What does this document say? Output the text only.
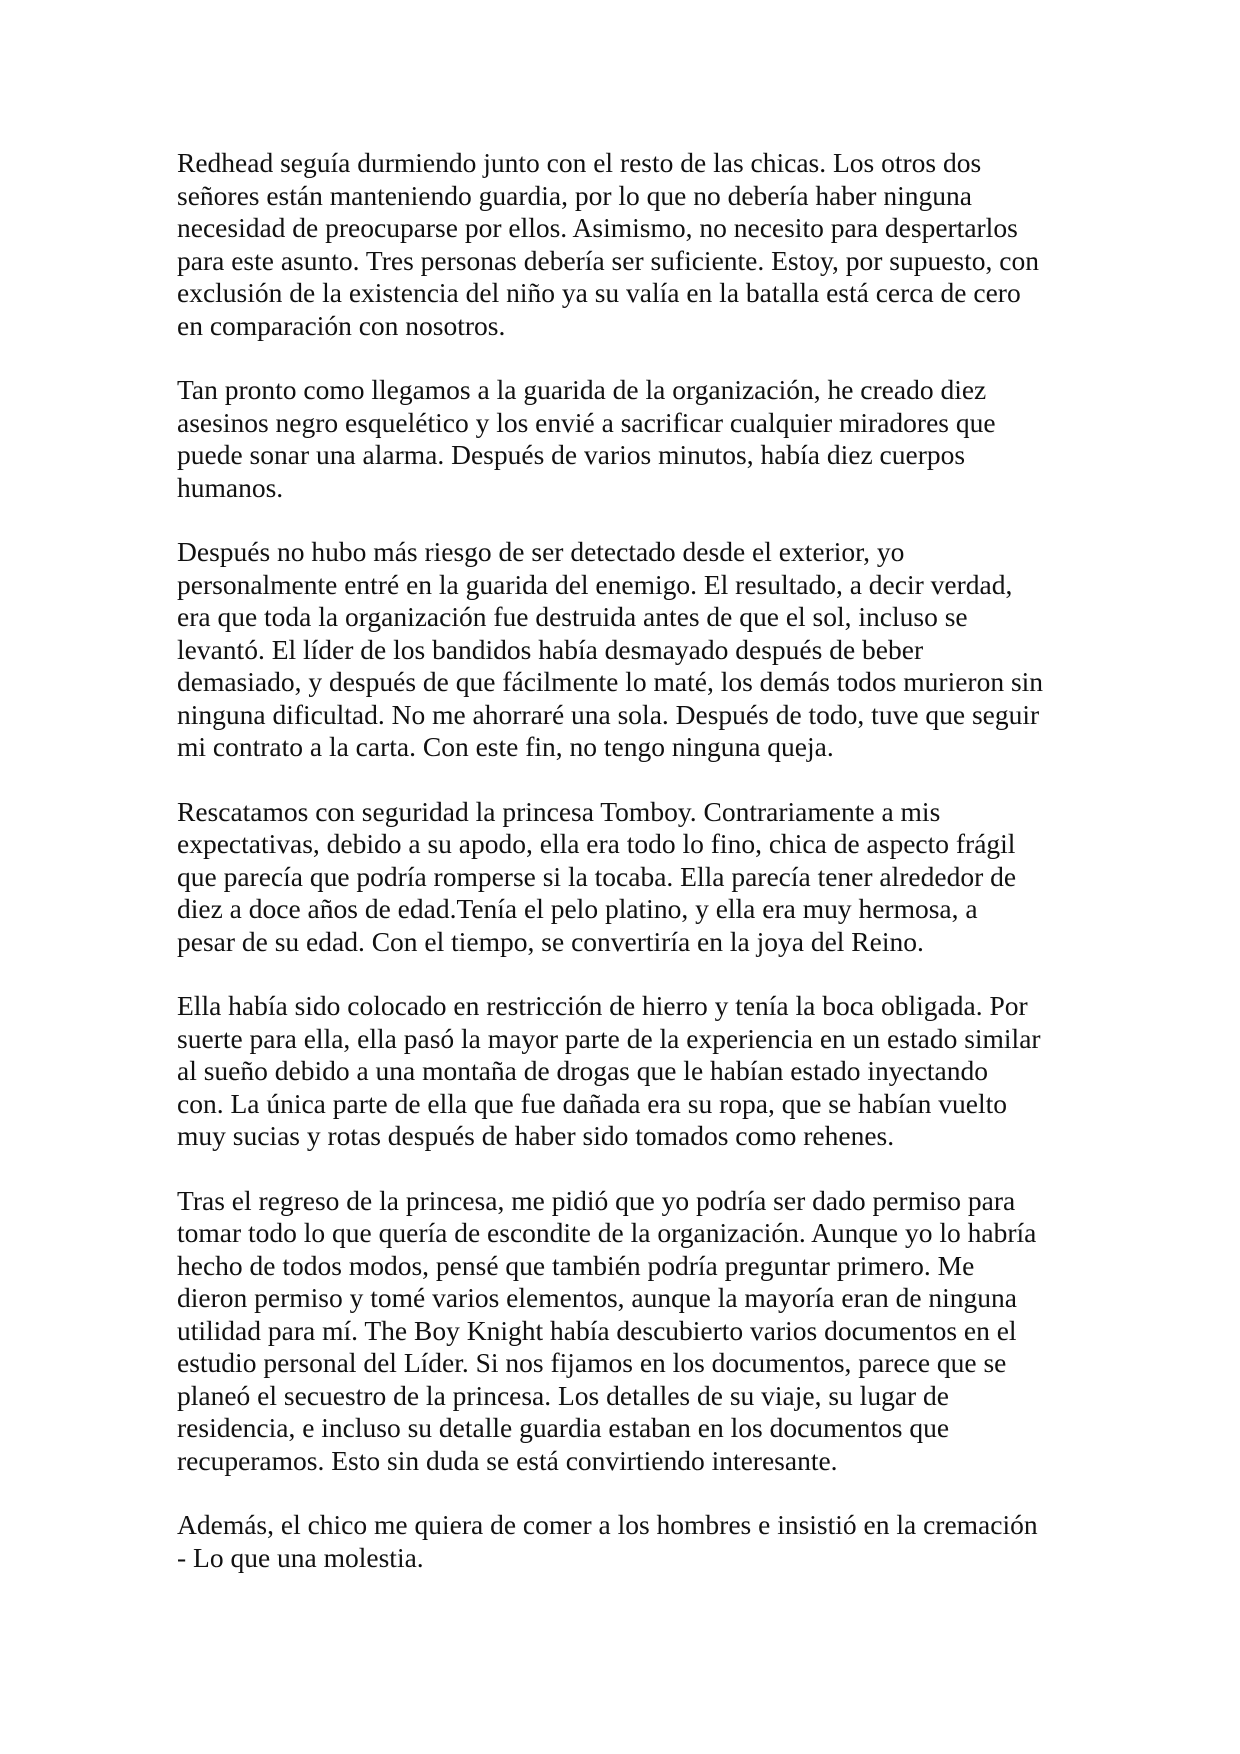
Redhead seguía durmiendo junto con el resto de las chicas. Los otros dos
señores están manteniendo guardia, por lo que no debería haber ninguna
necesidad de preocuparse por ellos. Asimismo, no necesito para despertarlos
para este asunto. Tres personas debería ser suficiente. Estoy, por supuesto, con
exclusión de la existencia del niño ya su valía en la batalla está cerca de cero
en comparación con nosotros.

Tan pronto como llegamos a la guarida de la organización, he creado diez
asesinos negro esquelético y los envié a sacrificar cualquier miradores que
puede sonar una alarma. Después de varios minutos, había diez cuerpos
humanos.

Después no hubo más riesgo de ser detectado desde el exterior, yo
personalmente entré en la guarida del enemigo. El resultado, a decir verdad,
era que toda la organización fue destruida antes de que el sol, incluso se
levantó. El líder de los bandidos había desmayado después de beber
demasiado, y después de que fácilmente lo maté, los demás todos murieron sin
ninguna dificultad. No me ahorraré una sola. Después de todo, tuve que seguir
mi contrato a la carta. Con este fin, no tengo ninguna queja.

Rescatamos con seguridad la princesa Tomboy. Contrariamente a mis
expectativas, debido a su apodo, ella era todo lo fino, chica de aspecto frágil
que parecía que podría romperse si la tocaba. Ella parecía tener alrededor de
diez a doce años de edad.Tenía el pelo platino, y ella era muy hermosa, a
pesar de su edad. Con el tiempo, se convertiría en la joya del Reino.

Ella había sido colocado en restricción de hierro y tenía la boca obligada. Por
suerte para ella, ella pasó la mayor parte de la experiencia en un estado similar
al sueño debido a una montaña de drogas que le habían estado inyectando
con. La única parte de ella que fue dañada era su ropa, que se habían vuelto
muy sucias y rotas después de haber sido tomados como rehenes.

Tras el regreso de la princesa, me pidió que yo podría ser dado permiso para
tomar todo lo que quería de escondite de la organización. Aunque yo lo habría
hecho de todos modos, pensé que también podría preguntar primero. Me
dieron permiso y tomé varios elementos, aunque la mayoría eran de ninguna
utilidad para mí. The Boy Knight había descubierto varios documentos en el
estudio personal del Líder. Si nos fijamos en los documentos, parece que se
planeó el secuestro de la princesa. Los detalles de su viaje, su lugar de
residencia, e incluso su detalle guardia estaban en los documentos que
recuperamos. Esto sin duda se está convirtiendo interesante.

Además, el chico me quiera de comer a los hombres e insistió en la cremación
- Lo que una molestia.
